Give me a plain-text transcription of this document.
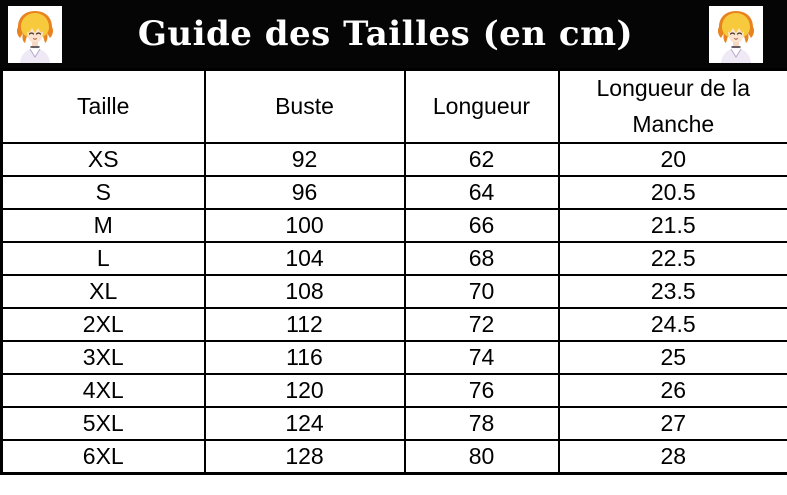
Guide des Tailles (en cm)
Taille	Buste	Longueur	Longueur de la Manche
XS	92	62	20
S	96	64	20.5
M	100	66	21.5
L	104	68	22.5
XL	108	70	23.5
2XL	112	72	24.5
3XL	116	74	25
4XL	120	76	26
5XL	124	78	27
6XL	128	80	28
